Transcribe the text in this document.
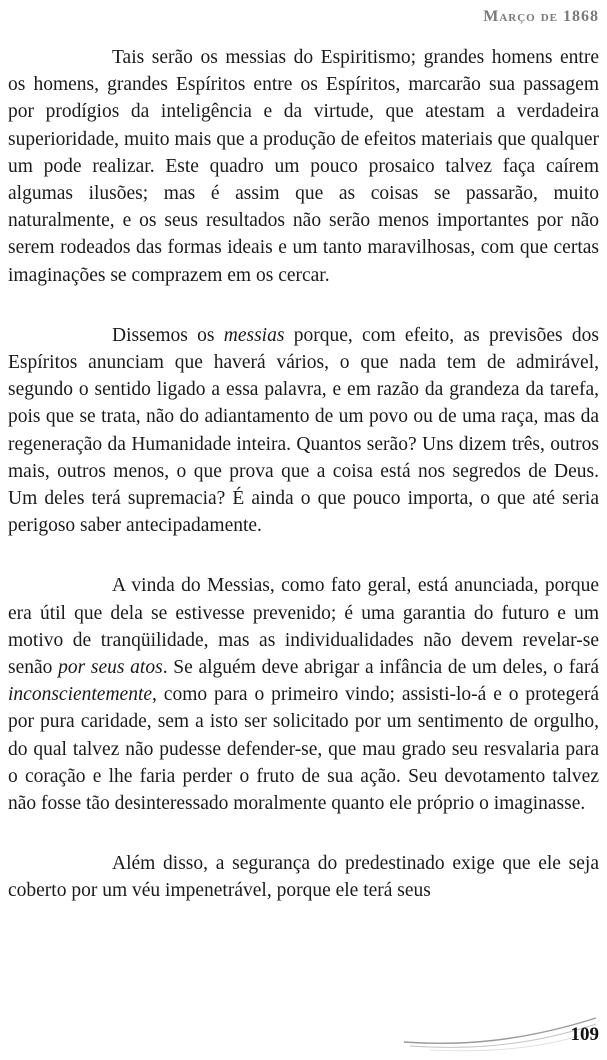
Março de 1868

Tais serão os messias do Espiritismo; grandes homens entre os homens, grandes Espíritos entre os Espíritos, marcarão sua passagem por prodígios da inteligência e da virtude, que atestam a verdadeira superioridade, muito mais que a produção de efeitos materiais que qualquer um pode realizar. Este quadro um pouco prosaico talvez faça caírem algumas ilusões; mas é assim que as coisas se passarão, muito naturalmente, e os seus resultados não serão menos importantes por não serem rodeados das formas ideais e um tanto maravilhosas, com que certas imaginações se comprazem em os cercar.

Dissemos os messias porque, com efeito, as previsões dos Espíritos anunciam que haverá vários, o que nada tem de admirável, segundo o sentido ligado a essa palavra, e em razão da grandeza da tarefa, pois que se trata, não do adiantamento de um povo ou de uma raça, mas da regeneração da Humanidade inteira. Quantos serão? Uns dizem três, outros mais, outros menos, o que prova que a coisa está nos segredos de Deus. Um deles terá supremacia? É ainda o que pouco importa, o que até seria perigoso saber antecipadamente.

A vinda do Messias, como fato geral, está anunciada, porque era útil que dela se estivesse prevenido; é uma garantia do futuro e um motivo de tranqüilidade, mas as individualidades não devem revelar-se senão por seus atos. Se alguém deve abrigar a infância de um deles, o fará inconscientemente, como para o primeiro vindo; assisti-lo-á e o protegerá por pura caridade, sem a isto ser solicitado por um sentimento de orgulho, do qual talvez não pudesse defender-se, que mau grado seu resvalaria para o coração e lhe faria perder o fruto de sua ação. Seu devotamento talvez não fosse tão desinteressado moralmente quanto ele próprio o imaginasse.

Além disso, a segurança do predestinado exige que ele seja coberto por um véu impenetrável, porque ele terá seus

109
